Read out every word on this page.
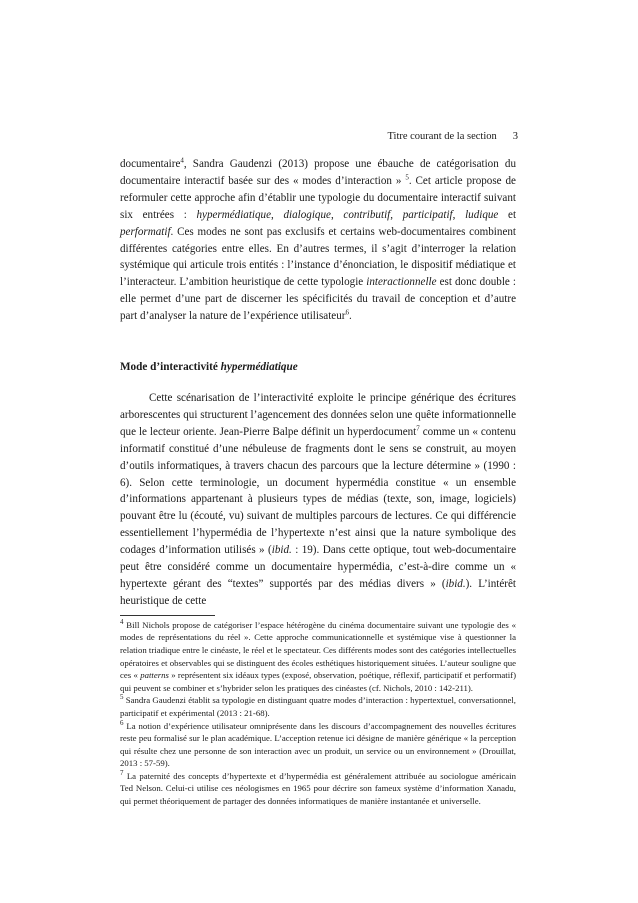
Titre courant de la section 3

documentaire$^4$, Sandra Gaudenzi (2013) propose une ébauche de catégorisation du documentaire interactif basée sur des « modes d’interaction » $^5$. Cet article propose de reformuler cette approche afin d’établir une typologie du documentaire interactif suivant six entrées : hypermédiatique, dialogique, contributif, participatif, ludique et performatif. Ces modes ne sont pas exclusifs et certains web-documentaires combinent différentes catégories entre elles. En d’autres termes, il s’agit d’interroger la relation systémique qui articule trois entités : l’instance d’énonciation, le dispositif médiatique et l’interacteur. L’ambition heuristique de cette typologie interactionnelle est donc double : elle permet d’une part de discerner les spécificités du travail de conception et d’autre part d’analyser la nature de l’expérience utilisateur$^6$.

Mode d’interactivité hypermédiatique

Cette scénarisation de l’interactivité exploite le principe générique des écritures arborescentes qui structurent l’agencement des données selon une quête informationnelle que le lecteur oriente. Jean-Pierre Balpe définit un hyperdocument$^7$ comme un « contenu informatif constitué d’une nébuleuse de fragments dont le sens se construit, au moyen d’outils informatiques, à travers chacun des parcours que la lecture détermine » (1990 : 6). Selon cette terminologie, un document hypermédia constitue « un ensemble d’informations appartenant à plusieurs types de médias (texte, son, image, logiciels) pouvant être lu (écouté, vu) suivant de multiples parcours de lectures. Ce qui différencie essentiellement l’hypermédia de l’hypertexte n’est ainsi que la nature symbolique des codages d’information utilisés » (ibid. : 19). Dans cette optique, tout web-documentaire peut être considéré comme un documentaire hypermédia, c’est-à-dire comme un « hypertexte gérant des “textes” supportés par des médias divers » (ibid.). L’intérêt heuristique de cette

$^4$ Bill Nichols propose de catégoriser l’espace hétérogène du cinéma documentaire suivant une typologie des « modes de représentations du réel ». Cette approche communicationnelle et systémique vise à questionner la relation triadique entre le cinéaste, le réel et le spectateur. Ces différents modes sont des catégories intellectuelles opératoires et observables qui se distinguent des écoles esthétiques historiquement situées. L’auteur souligne que ces « patterns » représentent six idéaux types (exposé, observation, poétique, réflexif, participatif et performatif) qui peuvent se combiner et s’hybrider selon les pratiques des cinéastes (cf. Nichols, 2010 : 142-211).

$^5$ Sandra Gaudenzi établit sa typologie en distinguant quatre modes d’interaction : hypertextuel, conversationnel, participatif et expérimental (2013 : 21-68).

$^6$ La notion d’expérience utilisateur omniprésente dans les discours d’accompagnement des nouvelles écritures reste peu formalisé sur le plan académique. L’acception retenue ici désigne de manière générique « la perception qui résulte chez une personne de son interaction avec un produit, un service ou un environnement » (Drouillat, 2013 : 57-59).

$^7$ La paternité des concepts d’hypertexte et d’hypermédia est généralement attribuée au sociologue américain Ted Nelson. Celui-ci utilise ces néologismes en 1965 pour décrire son fameux système d’information Xanadu, qui permet théoriquement de partager des données informatiques de manière instantanée et universelle.
